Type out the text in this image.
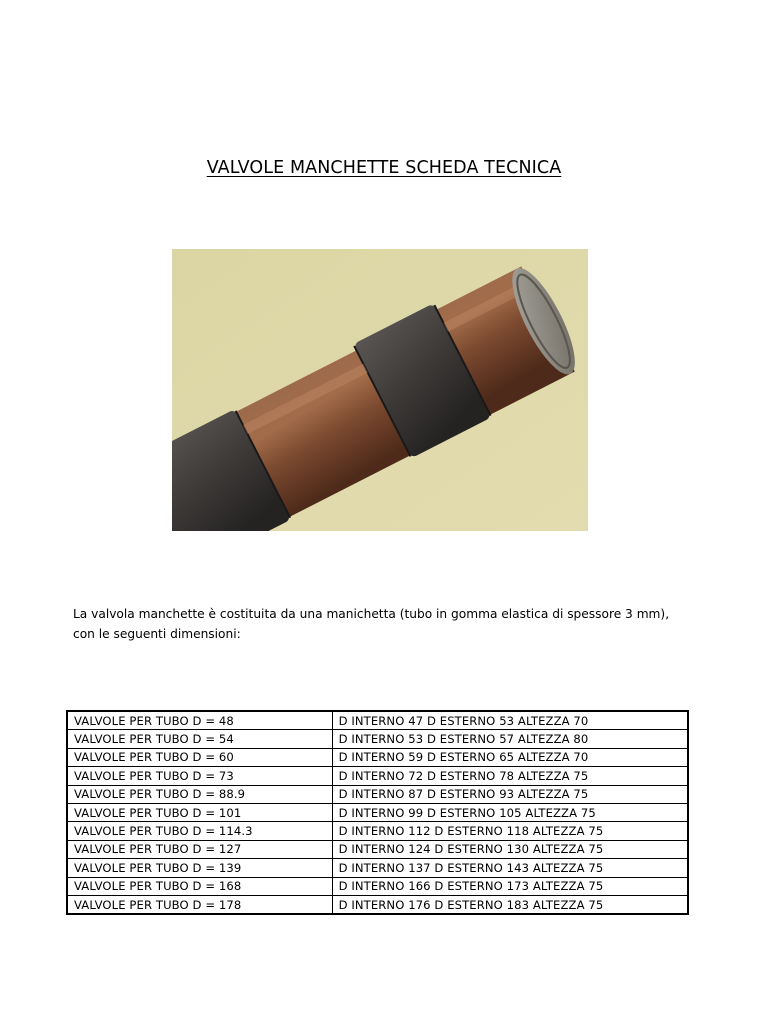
VALVOLE MANCHETTE SCHEDA TECNICA

La valvola manchette è costituita da una manichetta (tubo in gomma elastica di spessore 3 mm),

con le seguenti dimensioni:

VALVOLE PER TUBO D = 48	D INTERNO 47 D ESTERNO 53 ALTEZZA 70
VALVOLE PER TUBO D = 54	D INTERNO 53 D ESTERNO 57 ALTEZZA 80
VALVOLE PER TUBO D = 60	D INTERNO 59 D ESTERNO 65 ALTEZZA 70
VALVOLE PER TUBO D = 73	D INTERNO 72 D ESTERNO 78 ALTEZZA 75
VALVOLE PER TUBO D = 88.9	D INTERNO 87 D ESTERNO 93 ALTEZZA 75
VALVOLE PER TUBO D = 101	D INTERNO 99 D ESTERNO 105 ALTEZZA 75
VALVOLE PER TUBO D = 114.3	D INTERNO 112 D ESTERNO 118 ALTEZZA 75
VALVOLE PER TUBO D = 127	D INTERNO 124 D ESTERNO 130 ALTEZZA 75
VALVOLE PER TUBO D = 139	D INTERNO 137 D ESTERNO 143 ALTEZZA 75
VALVOLE PER TUBO D = 168	D INTERNO 166 D ESTERNO 173 ALTEZZA 75
VALVOLE PER TUBO D = 178	D INTERNO 176 D ESTERNO 183 ALTEZZA 75
